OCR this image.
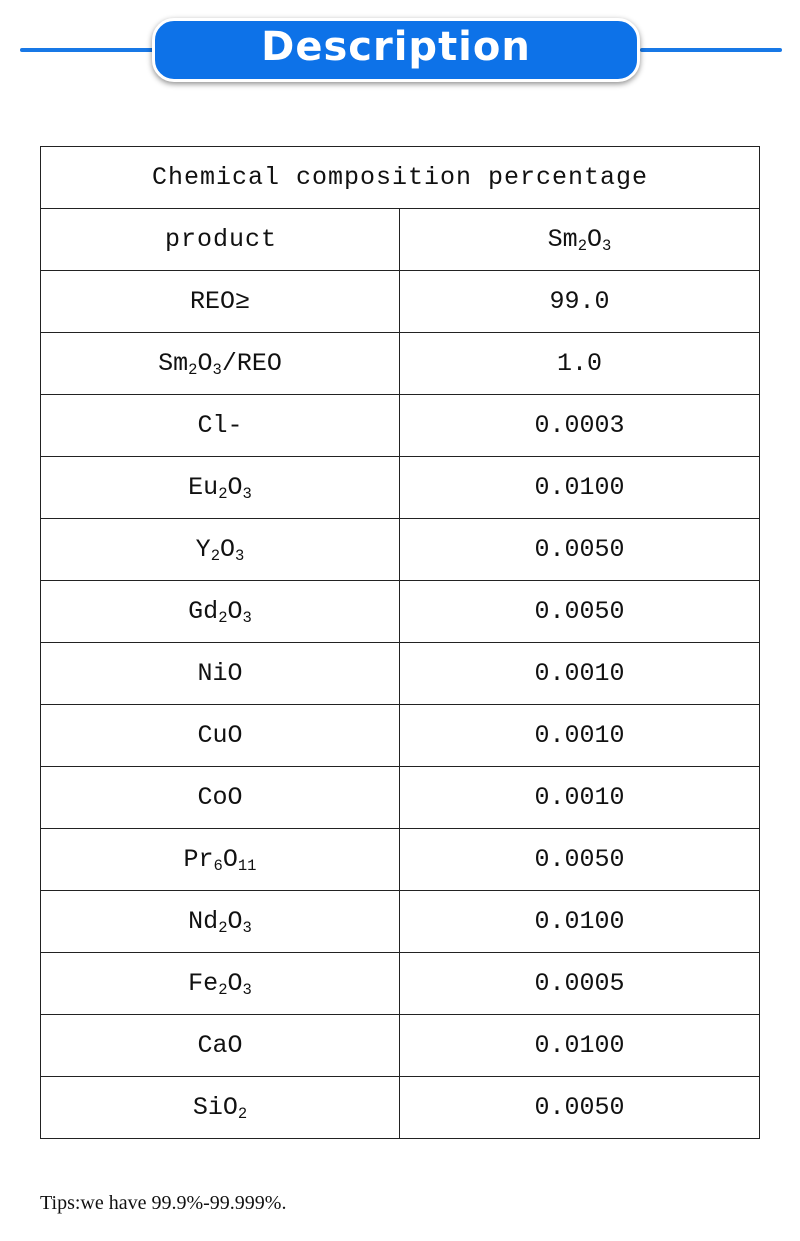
Description
Chemical composition percentage	
product	$Sm_2O_3$
REO≥	99.0
$Sm_2O_3$/REO	1.0
Cl-	0.0003
$Eu_2O_3$	0.0100
$Y_2O_3$	0.0050
$Gd_2O_3$	0.0050
NiO	0.0010
CuO	0.0010
CoO	0.0010
$Pr_6O_{11}$	0.0050
$Nd_2O_3$	0.0100
$Fe_2O_3$	0.0005
CaO	0.0100
SiO$_2$	0.0050
Tips:we have 99.9%-99.999%.
